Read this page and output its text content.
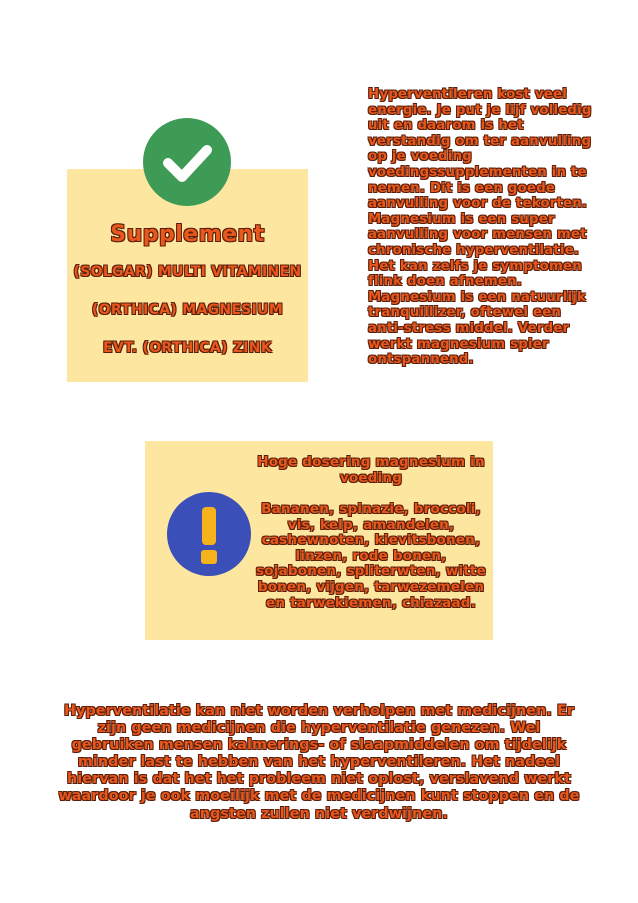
Supplement
(SOLGAR) MULTI VITAMINEN
(ORTHICA) MAGNESIUM
EVT. (ORTHICA) ZINK
Hyperventileren kost veel energie. Je put je lijf volledig uit en daarom is het verstandig om ter aanvulling op je voeding voedingssupplementen in te nemen. Dit is een goede aanvulling voor de tekorten. Magnesium is een super aanvulling voor mensen met chronische hyperventilatie. Het kan zelfs je symptomen flink doen afnemen. Magnesium is een natuurlijk tranquillizer, oftewel een anti-stress middel. Verder werkt magnesium spier ontspannend.
Hoge dosering magnesium in voeding
Bananen, spinazie, broccoli, vis, kelp, amandelen, cashewnoten, kievitsbonen, linzen, rode bonen, sojabonen, spliterwten, witte bonen, vijgen, tarwezemelen en tarwekiemen, chiazaad.
Hyperventilatie kan niet worden verholpen met medicijnen. Er zijn geen medicijnen die hyperventilatie genezen. Wel gebruiken mensen kalmerings- of slaapmiddelen om tijdelijk minder last te hebben van het hyperventileren. Het nadeel hiervan is dat het het probleem niet oplost, verslavend werkt waardoor je ook moeilijk met de medicijnen kunt stoppen en de angsten zullen niet verdwijnen.
